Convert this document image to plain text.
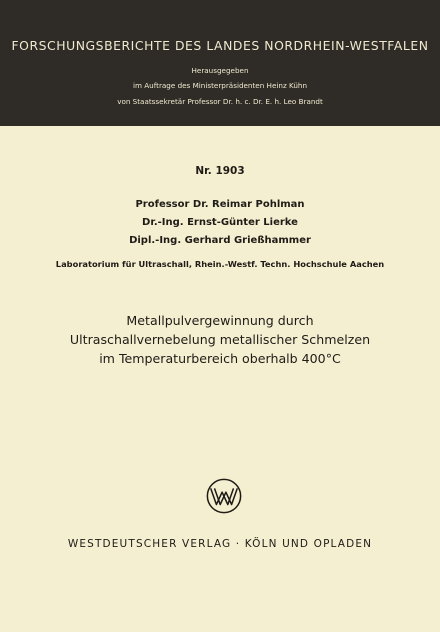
FORSCHUNGSBERICHTE DES LANDES NORDRHEIN-WESTFALEN
Herausgegeben
im Auftrage des Ministerpräsidenten Heinz Kühn
von Staatssekretär Professor Dr. h. c. Dr. E. h. Leo Brandt
Nr. 1903
Professor Dr. Reimar Pohlman
Dr.-Ing. Ernst-Günter Lierke
Dipl.-Ing. Gerhard Grießhammer
Laboratorium für Ultraschall, Rhein.-Westf. Techn. Hochschule Aachen
Metallpulvergewinnung durch
Ultraschallvernebelung metallischer Schmelzen
im Temperaturbereich oberhalb 400°C
WESTDEUTSCHER VERLAG · KÖLN UND OPLADEN
